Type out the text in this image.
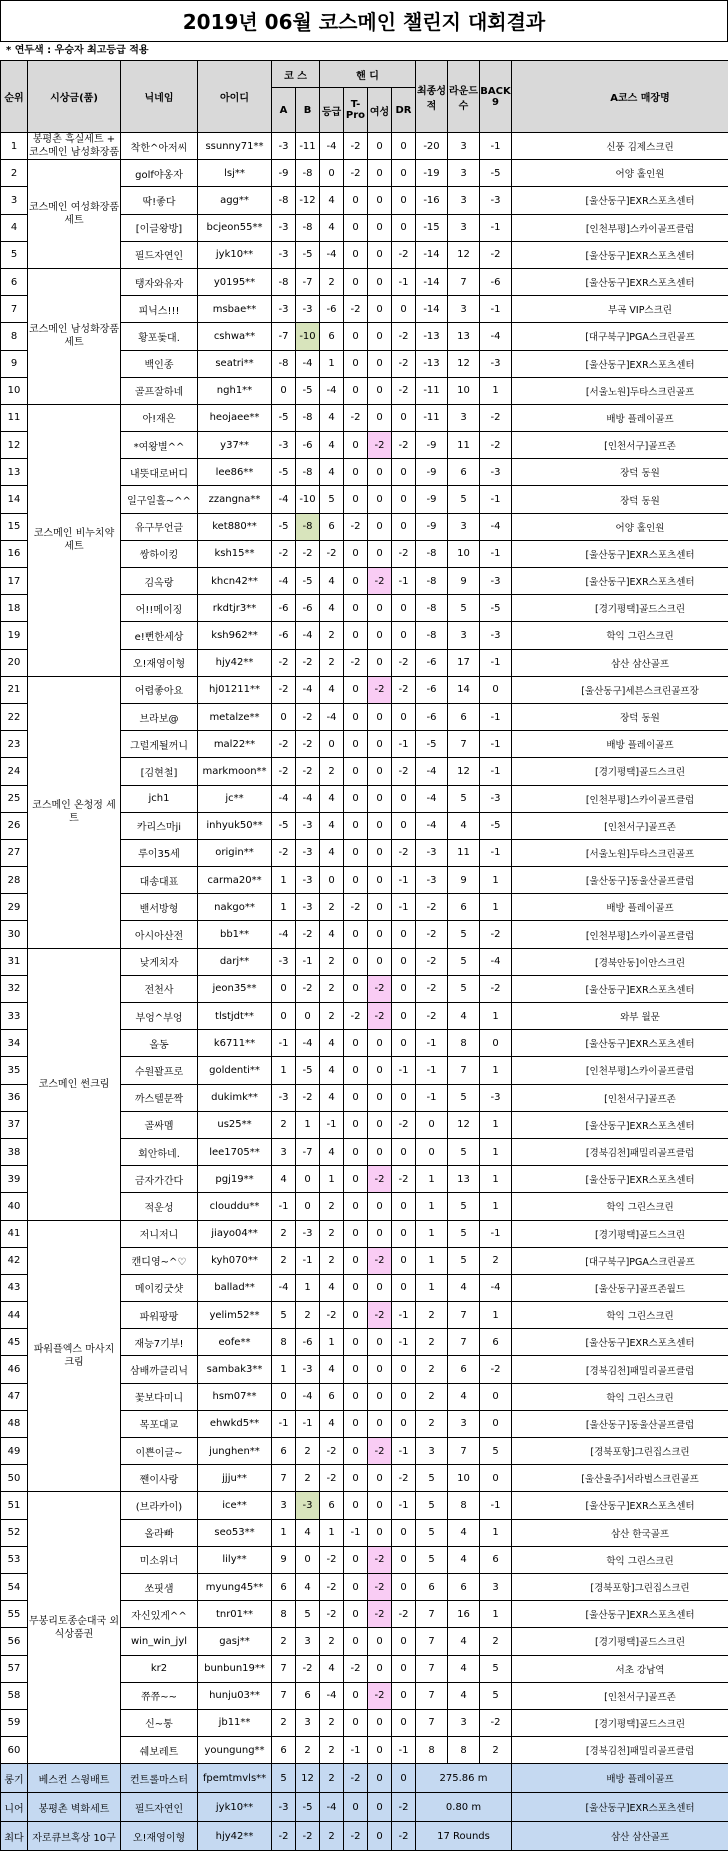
2019년 06월 코스메인 챌린지 대회결과
* 연두색 : 우승자 최고등급 적용
순위	시상금(품)	닉네임	아이디	코 스		핸 디				최종성적	라운드수	BACK 9	A코스 매장명
				A	B	등급	T-Pro	여성	DR				
1	봉평촌 흑실세트 + 코스메인 남성화장품	착한^아저씨	ssunny71**	-3	-11	-4	-2	0	0	-20	3	-1	신풍 김제스크린
2	코스메인 여성화장품 세트	golf야옹자	lsj**	-9	-8	0	-2	0	0	-19	3	-5	어양 홀인원
3		딱!좋다	agg**	-8	-12	4	0	0	0	-16	3	-3	[울산동구]EXR스포츠센터
4		[이글왕방]	bcjeon55**	-3	-8	4	0	0	0	-15	3	-1	[인천부평]스카이골프클럽
5		필드자연인	jyk10**	-3	-5	-4	0	0	-2	-14	12	-2	[울산동구]EXR스포츠센터
6	코스메인 남성화장품 세트	탱자와유자	y0195**	-8	-7	2	0	0	-1	-14	7	-6	[울산동구]EXR스포츠센터
7		피닉스!!!	msbae**	-3	-3	-6	-2	0	0	-14	3	-1	부곡 VIP스크린
8		황포돛대.	cshwa**	-7	-10	6	0	0	-2	-13	13	-4	[대구북구]PGA스크린골프
9		백인종	seatri**	-8	-4	1	0	0	-2	-13	12	-3	[울산동구]EXR스포츠센터
10		골프잘하네	ngh1**	0	-5	-4	0	0	-2	-11	10	1	[서울노원]두타스크린골프
11	코스메인 비누치약 세트	아!재은	heojaee**	-5	-8	4	-2	0	0	-11	3	-2	배방 플레이골프
12		*여왕별^^	y37**	-3	-6	4	0	-2	-2	-9	11	-2	[인천서구]골프존
13		내뜻대로버디	lee86**	-5	-8	4	0	0	0	-9	6	-3	장덕 동원
14		일구일홀~^^	zzangna**	-4	-10	5	0	0	0	-9	5	-1	장덕 동원
15		유구무언글	ket880**	-5	-8	6	-2	0	0	-9	3	-4	어양 홀인원
16		쌍하이킹	ksh15**	-2	-2	-2	0	0	-2	-8	10	-1	[울산동구]EXR스포츠센터
17		김옥랑	khcn42**	-4	-5	4	0	-2	-1	-8	9	-3	[울산동구]EXR스포츠센터
18		어!!메이징	rkdtjr3**	-6	-6	4	0	0	0	-8	5	-5	[경기평택]골드스크린
19		e!뻔한세상	ksh962**	-6	-4	2	0	0	0	-8	3	-3	학익 그린스크린
20		오!재영이형	hjy42**	-2	-2	2	-2	0	-2	-6	17	-1	삼산 삼산골프
21	코스메인 온청정 세트	어렵좋아요	hj01211**	-2	-4	4	0	-2	-2	-6	14	0	[울산동구]세븐스크린골프장
22		브라보@	metalze**	0	-2	-4	0	0	0	-6	6	-1	장덕 동원
23		그럴게될꺼니	mal22**	-2	-2	0	0	0	-1	-5	7	-1	배방 플레이골프
24		[김현철]	markmoon**	-2	-2	2	0	0	-2	-4	12	-1	[경기평택]골드스크린
25		jch1	jc**	-4	-4	4	0	0	0	-4	5	-3	[인천부평]스카이골프클럽
26		카리스마ji	inhyuk50**	-5	-3	4	0	0	0	-4	4	-5	[인천서구]골프존
27		루이35세	origin**	-2	-3	4	0	0	-2	-3	11	-1	[서울노원]두타스크린골프
28		대송대표	carma20**	1	-3	0	0	0	-1	-3	9	1	[울산동구]동울산골프클럽
29		밴서방형	nakgo**	1	-3	2	-2	0	-1	-2	6	1	배방 플레이골프
30		아시아산전	bb1**	-4	-2	4	0	0	0	-2	5	-2	[인천부평]스카이골프클럽
31	코스메인 썬크림	낮게치자	darj**	-3	-1	2	0	0	0	-2	5	-4	[경북안동]이안스크린
32		전천사	jeon35**	0	-2	2	0	-2	0	-2	5	-2	[울산동구]EXR스포츠센터
33		부엉^부엉	tlstjdt**	0	0	2	-2	-2	0	-2	4	1	와부 월문
34		올동	k6711**	-1	-4	4	0	0	0	-1	8	0	[울산동구]EXR스포츠센터
35		수원꽐프로	goldenti**	1	-5	4	0	0	-1	-1	7	1	[인천부평]스카이골프클럽
36		까스텔문짝	dukimk**	-3	-2	4	0	0	0	-1	5	-3	[인천서구]골프존
37		골싸멤	us25**	2	1	-1	0	0	-2	0	12	1	[울산동구]EXR스포츠센터
38		회안하네.	lee1705**	3	-7	4	0	0	0	0	5	1	[경북김천]패밀리골프클럽
39		금자가간다	pgj19**	4	0	1	0	-2	-2	1	13	1	[울산동구]EXR스포츠센터
40		적운성	clouddu**	-1	0	2	0	0	0	1	5	1	학익 그린스크린
41	파워플엑스 마사지 크림	저니저니	jiayo04**	2	-3	2	0	0	0	1	5	-1	[경기평택]골드스크린
42		캔디영~^♡	kyh070**	2	-1	2	0	-2	0	1	5	2	[대구북구]PGA스크린골프
43		메이킹굿샷	ballad**	-4	1	4	0	0	0	1	4	-4	[울산동구]골프존월드
44		파워팡팡	yelim52**	5	2	-2	0	-2	-1	2	7	1	학익 그린스크린
45		재능7기부!	eofe**	8	-6	1	0	0	-1	2	7	6	[울산동구]EXR스포츠센터
46		삼배까클리닉	sambak3**	1	-3	4	0	0	0	2	6	-2	[경북김천]패밀리골프클럽
47		꽃보다미니	hsm07**	0	-4	6	0	0	0	2	4	0	학익 그린스크린
48		목포대교	ehwkd5**	-1	-1	4	0	0	0	2	3	0	[울산동구]동울산골프클럽
49		이쁜이글~	junghen**	6	2	-2	0	-2	-1	3	7	5	[경북포항]그린집스크린
50		짼이사랑	jjju**	7	2	-2	0	0	-2	5	10	0	[울산울주]서라벌스크린골프
51	무봉리토종순대국 외식상품권	(브라카이)	ice**	3	-3	6	0	0	-1	5	8	-1	[울산동구]EXR스포츠센터
52		올라빠	seo53**	1	4	1	-1	0	0	5	4	1	삼산 한국골프
53		미소위너	lily**	9	0	-2	0	-2	0	5	4	6	학익 그린스크린
54		쏘핏샘	myung45**	6	4	-2	0	-2	0	6	6	3	[경북포항]그린집스크린
55		자신있게^^	tnr01**	8	5	-2	0	-2	-2	7	16	1	[울산동구]EXR스포츠센터
56		win_win_jyl	gasj**	2	3	2	0	0	0	7	4	2	[경기평택]골드스크린
57		kr2	bunbun19**	7	-2	4	-2	0	0	7	4	5	서초 강남역
58		쮸쮸~~	hunju03**	7	6	-4	0	-2	0	7	4	5	[인천서구]골프존
59		신~통	jb11**	2	3	2	0	0	0	7	3	-2	[경기평택]골드스크린
60		쉐보레트	youngung**	6	2	2	-1	0	-1	8	8	2	[경북김천]패밀리골프클럽
롱기	베스컨 스윙배트	컨트롤마스터	fpemtmvls**	5	12	2	-2	0	0	275.86 m			배방 플레이골프
니어	봉평촌 벽화세트	필드자연인	jyk10**	-3	-5	-4	0	0	-2	0.80 m			[울산동구]EXR스포츠센터
최다	자로큐브혹상 10구	오!재영이형	hjy42**	-2	-2	2	-2	0	-2	17 Rounds			삼산 삼산골프
